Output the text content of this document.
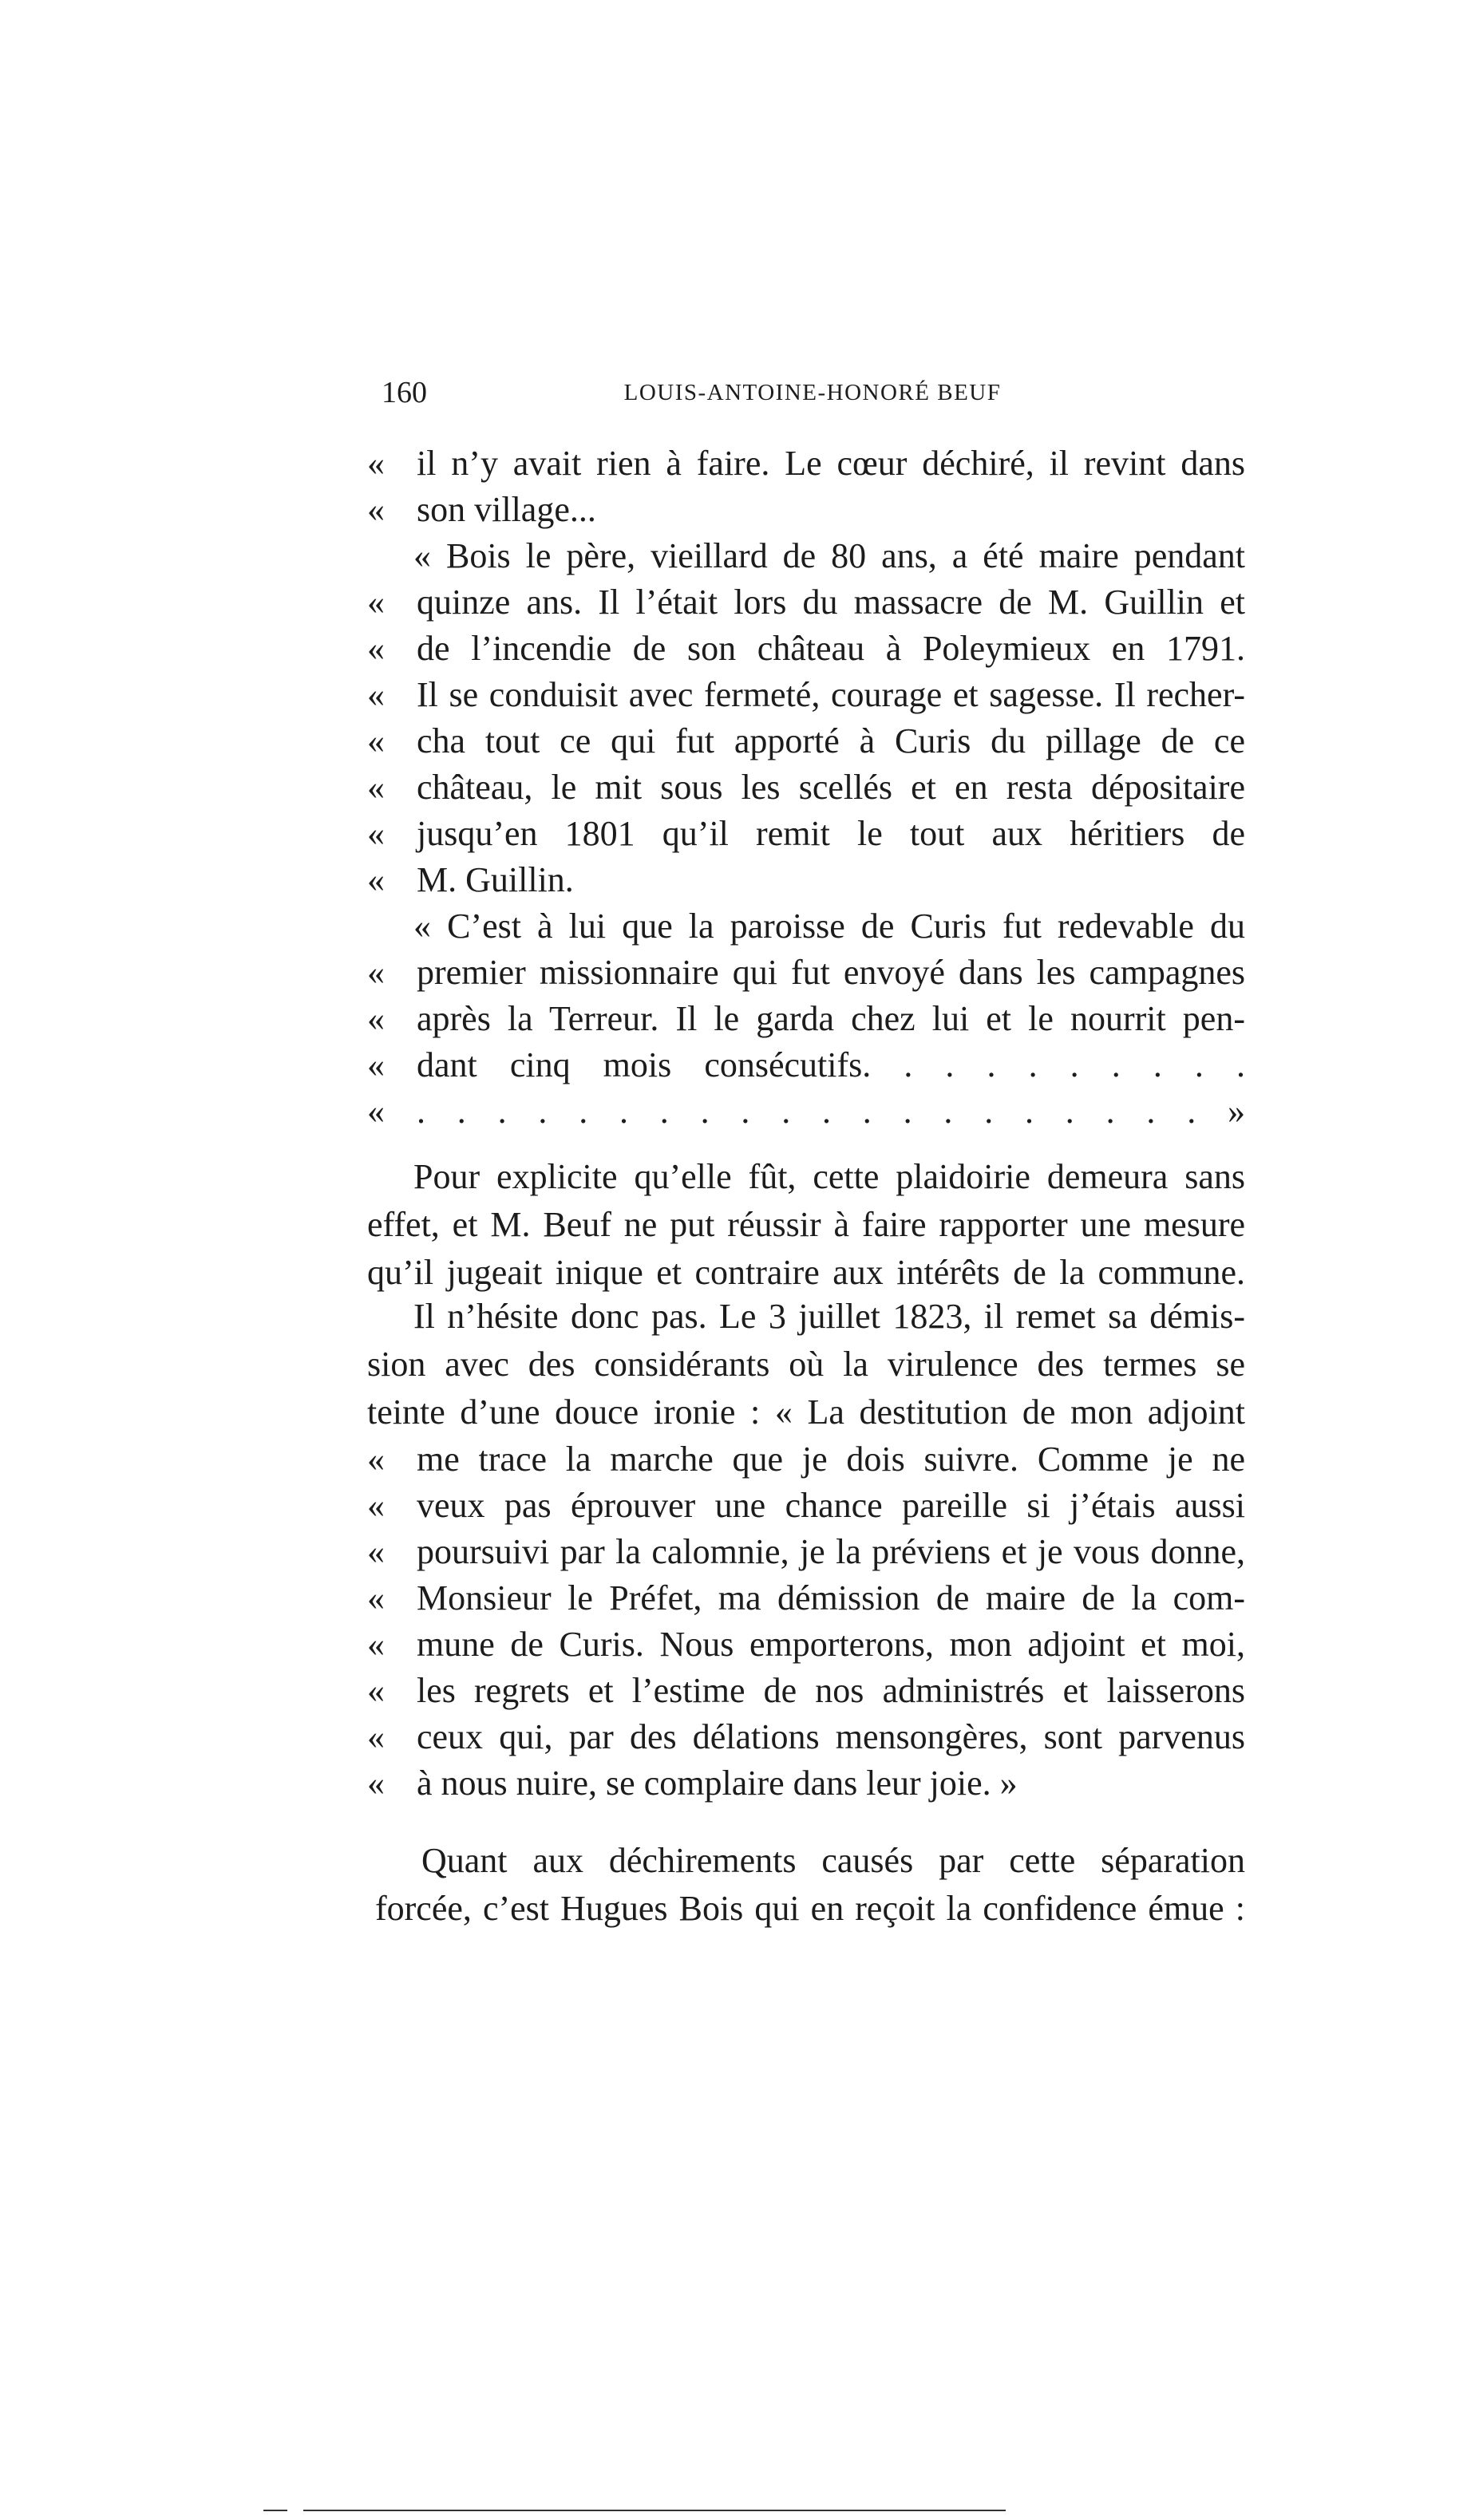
160	LOUIS-ANTOINE-HONORÉ BEUF
« il n’y avait rien à faire. Le cœur déchiré, il revint dans
« son village...
« Bois le père, vieillard de 80 ans, a été maire pendant
« quinze ans. Il l’était lors du massacre de M. Guillin et
« de l’incendie de son château à Poleymieux en 1791.
« Il se conduisit avec fermeté, courage et sagesse. Il recher-
« cha tout ce qui fut apporté à Curis du pillage de ce
« château, le mit sous les scellés et en resta dépositaire
« jusqu’en 1801 qu’il remit le tout aux héritiers de
« M. Guillin.
« C’est à lui que la paroisse de Curis fut redevable du
« premier missionnaire qui fut envoyé dans les campagnes
« après la Terreur. Il le garda chez lui et le nourrit pen-
« dant cinq mois consécutifs. . . . . . . . . .
« . . . . . . . . . . . . . . . . . . . . »
Pour explicite qu’elle fût, cette plaidoirie demeura sans
effet, et M. Beuf ne put réussir à faire rapporter une mesure
qu’il jugeait inique et contraire aux intérêts de la commune.
Il n’hésite donc pas. Le 3 juillet 1823, il remet sa démis-
sion avec des considérants où la virulence des termes se
teinte d’une douce ironie : « La destitution de mon adjoint
« me trace la marche que je dois suivre. Comme je ne
« veux pas éprouver une chance pareille si j’étais aussi
« poursuivi par la calomnie, je la préviens et je vous donne,
« Monsieur le Préfet, ma démission de maire de la com-
« mune de Curis. Nous emporterons, mon adjoint et moi,
« les regrets et l’estime de nos administrés et laisserons
« ceux qui, par des délations mensongères, sont parvenus
« à nous nuire, se complaire dans leur joie. »
Quant aux déchirements causés par cette séparation
forcée, c’est Hugues Bois qui en reçoit la confidence émue :
